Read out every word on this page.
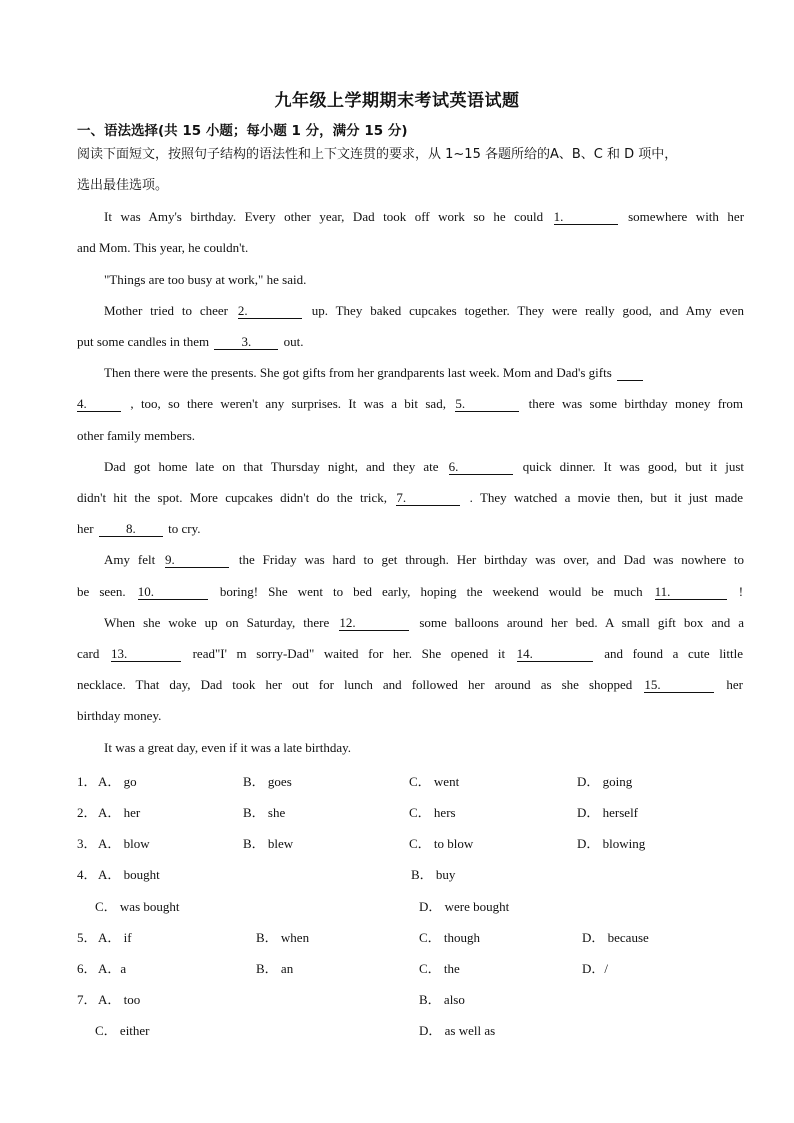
九年级上学期期末考试英语试题
一、语法选择(共 15 小题；每小题 1 分，满分 15 分)
阅读下面短文，按照句子结构的语法性和上下文连贯的要求，从 1~15 各题所给的A、B、C 和 D 项中，
选出最佳选项。
It was Amy's birthday. Every other year, Dad took off work so he could 1.	somewhere with her
and Mom. This year, he couldn't.
"Things are too busy at work," he said.
Mother tried to cheer 2.	up. They baked cupcakes together. They were really good, and Amy even
put some candles in them 3. out.
Then there were the presents. She got gifts from her grandparents last week. Mom and Dad's gifts
4.	, too, so there weren't any surprises. It was a bit sad, 5.	there was some birthday money from
other family members.
Dad got home late on that Thursday night, and they ate 6.	quick dinner. It was good, but it just
didn't hit the spot. More cupcakes didn't do the trick, 7.	. They watched a movie then, but it just made
her 8. to cry.
Amy felt 9.	the Friday was hard to get through. Her birthday was over, and Dad was nowhere to
be seen. 10.	boring! She went to bed early, hoping the weekend would be much 11.	!
When she woke up on Saturday, there 12.	some balloons around her bed. A small gift box and a
card 13.	read"I' m sorry-Dad" waited for her. She opened it 14.	and found a cute little
necklace. That day, Dad took her out for lunch and followed her around as she shopped 15.	her
birthday money.
It was a great day, even if it was a late birthday.
1． A． go	B． goes	C． went	D． going
2． A． her	B． she	C． hers	D． herself
3． A． blow	B． blew	C． to blow	D． blowing
4． A． bought	B． buy
C． was bought	D． were bought
5． A． if	B． when	C． though	D． because
6． A．a	B． an	C． the	D．/
7． A． too	B． also
C． either	D． as well as
